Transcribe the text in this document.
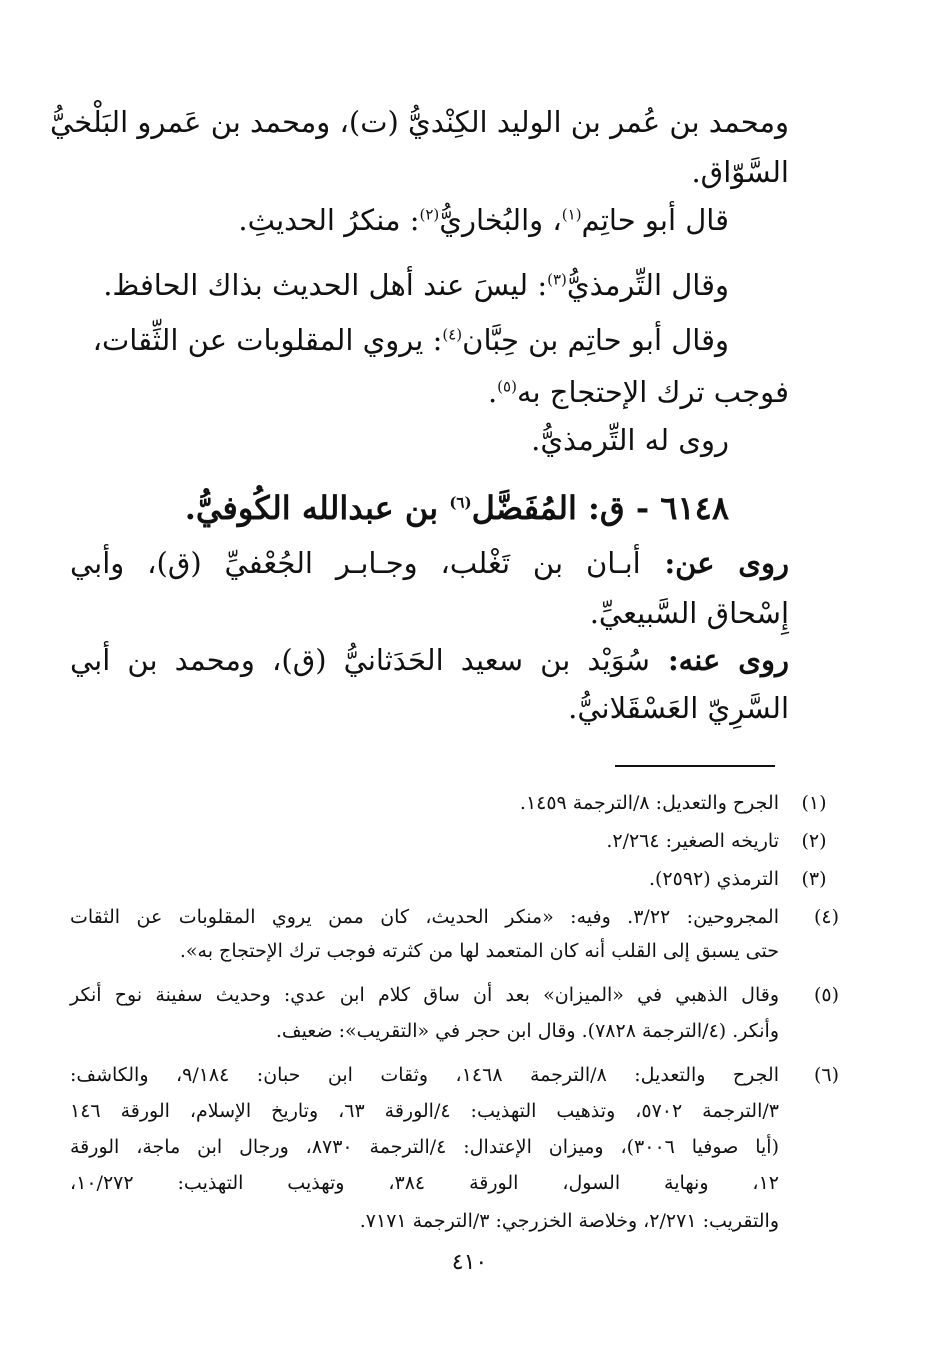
ومحمد بن عُمر بن الوليد الكِنْديُّ (ت)، ومحمد بن عَمرو البَلْخيُّ
السَّوّاق.
قال أبو حاتِم$^{(١)}$، والبُخاريُّ$^{(٢)}$: منكرُ الحديثِ.
وقال التِّرمذيُّ$^{(٣)}$: ليسَ عند أهل الحديث بذاك الحافظ.
وقال أبو حاتِم بن حِبَّان$^{(٤)}$: يروي المقلوبات عن الثِّقات،
فوجب ترك الإحتجاج به$^{(٥)}$.
روى له التِّرمذيُّ.
٦١٤٨ - ق: المُفَضَّل$^{(٦)}$ بن عبدالله الكُوفيُّ.
روى عن: أبـان بن تَغْلب، وجـابـر الجُعْفيِّ (ق)، وأبي
إِسْحاق السَّبيعيِّ.
روى عنه: سُوَيْد بن سعيد الحَدَثانيُّ (ق)، ومحمد بن أبي
السَّرِيّ العَسْقَلانيُّ.
(١)
الجرح والتعديل: ٨/الترجمة ١٤٥٩.
(٢)
تاريخه الصغير: ٢/٢٦٤.
(٣)
الترمذي (٢٥٩٢).
(٤)
المجروحين: ٣/٢٢. وفيه: «منكر الحديث، كان ممن يروي المقلوبات عن الثقات
حتى يسبق إلى القلب أنه كان المتعمد لها من كثرته فوجب ترك الإحتجاج به».
(٥)
وقال الذهبي في «الميزان» بعد أن ساق كلام ابن عدي: وحديث سفينة نوح أنكر
وأنكر. (٤/الترجمة ٧٨٢٨). وقال ابن حجر في «التقريب»: ضعيف.
(٦)
الجرح والتعديل: ٨/الترجمة ١٤٦٨، وثقات ابن حبان: ٩/١٨٤، والكاشف:
٣/الترجمة ٥٧٠٢، وتذهيب التهذيب: ٤/الورقة ٦٣، وتاريخ الإسلام، الورقة ١٤٦
(أيا صوفيا ٣٠٠٦)، وميزان الإعتدال: ٤/الترجمة ٨٧٣٠، ورجال ابن ماجة، الورقة
١٢، ونهاية السول، الورقة ٣٨٤، وتهذيب التهذيب: ١٠/٢٧٢،
والتقريب: ٢/٢٧١، وخلاصة الخزرجي: ٣/الترجمة ٧١٧١.
٤١٠
